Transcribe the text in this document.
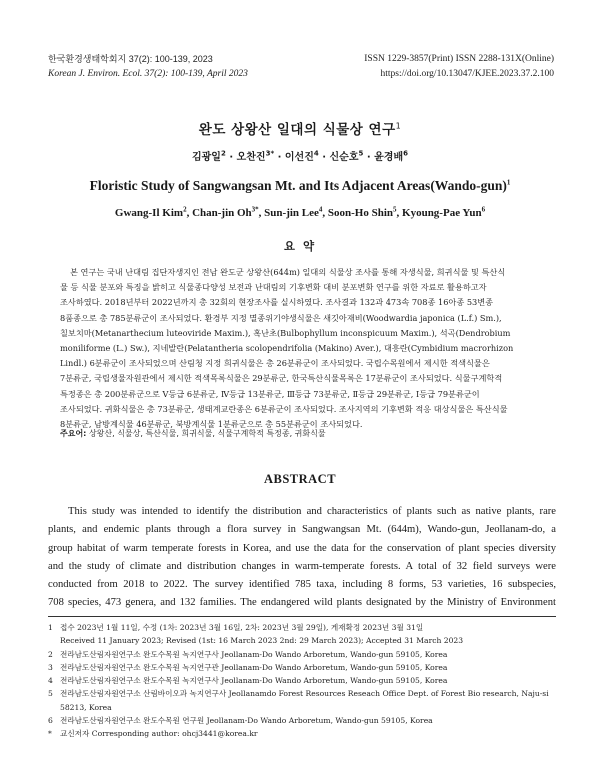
한국환경생태학회지 37(2): 100-139, 2023
Korean J. Environ. Ecol. 37(2): 100-139, April 2023
ISSN 1229-3857(Print) ISSN 2288-131X(Online)
https://doi.org/10.13047/KJEE.2023.37.2.100
완도 상왕산 일대의 식물상 연구$^1$
김광일$^2$ · 오찬진$^{3*}$ · 이선진$^4$ · 신순호$^5$ · 윤경배$^6$
Floristic Study of Sangwangsan Mt. and Its Adjacent Areas(Wando-gun)$^1$
Gwang-Il Kim$^2$, Chan-jin $Oh^{3*}$, Sun-jin Lee$^4$, Soon-Ho Shin$^5$, Kyoung-Pae Yun$^6$
요 약
본 연구는 국내 난대림 집단자생지인 전남 완도군 상왕산(644m) 일대의 식물상 조사를 통해 자생식물, 희귀식물 및 특산식
물 등 식물 분포와 특징을 밝히고 식물종다양성 보전과 난대림의 기후변화 대비 분포변화 연구를 위한 자료로 활용하고자
조사하였다. 2018년부터 2022년까지 총 32회의 현장조사를 실시하였다. 조사결과 132과 473속 708종 16아종 53변종
8품종으로 총 785분류군이 조사되었다. 환경부 지정 멸종위기야생식물은 새깃아재비(Woodwardia japonica (L.f.) Sm.),
칠보치마(Metanarthecium luteoviride Maxim.), 혹난초(Bulbophyllum inconspicuum Maxim.), 석곡(Dendrobium
moniliforme (L.) Sw.), 지네발란(Pelatantheria scolopendrifolia (Makino) Aver.), 대흥란(Cymbidium macrorhizon
Lindl.) 6분류군이 조사되었으며 산림청 지정 희귀식물은 총 26분류군이 조사되었다. 국립수목원에서 제시한 적색식물은
7분류군, 국립생물자원관에서 제시한 적색목록식물은 29분류군, 한국특산식물목록은 17분류군이 조사되었다. 식물구계학적
특정종은 총 200분류군으로 Ⅴ등급 6분류군, Ⅳ등급 13분류군, Ⅲ등급 73분류군, Ⅱ등급 29분류군, Ⅰ등급 79분류군이
조사되었다. 귀화식물은 총 73분류군, 생태계교란종은 6분류군이 조사되었다. 조사지역의 기후변화 적응 대상식물은 특산식물
8분류군, 남방계식물 46분류군, 북방계식물 1분류군으로 총 55분류군이 조사되었다.
주요어: 상왕산, 식물상, 특산식물, 희귀식물, 식물구계학적 특정종, 귀화식물
ABSTRACT
This study was intended to identify the distribution and characteristics of plants such as native plants, rare
plants, and endemic plants through a flora survey in Sangwangsan Mt. (644m), Wando-gun, Jeollanam-do, a
group habitat of warm temperate forests in Korea, and use the data for the conservation of plant species diversity
and the study of climate and distribution changes in warm-temperate forests. A total of 32 field surveys were
conducted from 2018 to 2022. The survey identified 785 taxa, including 8 forms, 53 varieties, 16 subspecies,
708 species, 473 genera, and 132 families. The endangered wild plants designated by the Ministry of Environment
1 접수 2023년 1월 11일, 수정 (1차: 2023년 3월 16일, 2차: 2023년 3월 29일), 게재확정 2023년 3월 31일
Received 11 January 2023; Revised (1st: 16 March 2023 2nd: 29 March 2023); Accepted 31 March 2023
2 전라남도산림자원연구소 완도수목원 녹지연구사 Jeollanam-Do Wando Arboretum, Wando-gun 59105, Korea
3 전라남도산림자원연구소 완도수목원 녹지연구관 Jeollanam-Do Wando Arboretum, Wando-gun 59105, Korea
4 전라남도산림자원연구소 완도수목원 녹지연구사 Jeollanam-Do Wando Arboretum, Wando-gun 59105, Korea
5 전라남도산림자원연구소 산림바이오과 녹지연구사 Jeollanamdo Forest Resources Reseach Office Dept. of Forest Bio research, Naju-si
58213, Korea
6 전라남도산림자원연구소 완도수목원 연구원 Jeollanam-Do Wando Arboretum, Wando-gun 59105, Korea
*	교신저자 Corresponding author: ohcj3441@korea.kr
